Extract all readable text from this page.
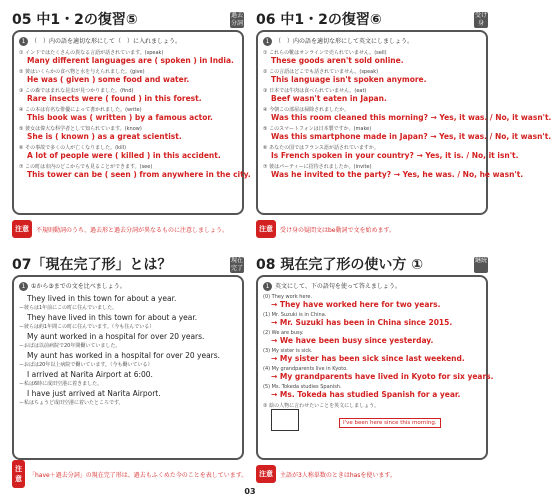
05 中1・2の復習⑤	過去分詞
1 （　）内の語を適切な形にして（　）に入れましょう。
① インドではたくさんの異なる言語が話されています。(speak)
Many different languages are ( spoken ) in India.
② 彼はいくらかの食べ物と水を与えられました。(give)
He was ( given ) some food and water.
③ この森ではまれな昆虫が見つかりました。(find)
Rare insects were ( found ) in this forest.
④ この本は有名な俳優によって書かれました。(write)
This book was ( written ) by a famous actor.
⑤ 彼女は偉大な科学者として知られています。(know)
She is ( known ) as a great scientist.
⑥ その事故で多くの人が亡くなりました。(kill)
A lot of people were ( killed ) in this accident.
⑦ この町は市内のどこからでも見ることができます。(see)
This tower can be ( seen ) from anywhere in the city.
注意	不規則動詞のうち、過去形と過去分詞が異なるものに注意しましょう。
06 中1・2の復習⑥	受け身
1 （　）内の語を適切な形にして英文にしましょう。
① これらの靴はオンラインで売られていません。(sell)
These goods aren't sold online.
② この言語はどこでも話されていません。(speak)
This language isn't spoken anymore.
③ 日本では牛肉は食べられていません。(eat)
Beef wasn't eaten in Japan.
④ 今朝この部屋は掃除されましたか。
Was this room cleaned this morning? → Yes, it was. / No, it wasn't.
⑤ このスマートフォンは日本製ですか。(make)
Was this smartphone made in Japan? → Yes, it was. / No, it wasn't.
⑥ あなたの国ではフランス語が話されていますか。
Is French spoken in your country? → Yes, it is. / No, it isn't.
⑦ 彼はパーティーに招待されましたか。(invite)
Was he invited to the party? → Yes, he was. / No, he wasn't.
注意	受け身の疑問文はbe動詞で文を始めます。
07「現在完了形」とは？	現在完了
1 ①から③までの文を比べましょう。
They lived in this town for about a year.
ー彼らは1年前にこの町に住んでいました。
They have lived in this town for about a year.
ー彼らは約1年間この町に住んでいます。（今も住んでいる）
My aunt worked in a hospital for over 20 years.
ーおばは以前病院で20年間働いていました。
My aunt has worked in a hospital for over 20 years.
ーおばは20年以上病院で働いています。（今も働いている）
I arrived at Narita Airport at 6:00.
ー私は6時に成田空港に着きました。
I have just arrived at Narita Airport.
ー私はちょうど成田空港に着いたところです。
注意	「have＋過去分詞」の現在完了形は、過去もふくめた今のことを表しています。
08 現在完了形の使い方 ①	継続
1 英文にして、下の語句を使って答えましょう。
(0) They work here.
→ They have worked here for two years.
(1) Mr. Suzuki is in China.
→ Mr. Suzuki has been in China since 2015.
(2) We are busy.
→ We have been busy since yesterday.
(3) My sister is sick.
→ My sister has been sick since last weekend.
(4) My grandparents live in Kyoto.
→ My grandparents have lived in Kyoto for six years.
(5) Ms. Tokeda studies Spanish.
→ Ms. Tokeda has studied Spanish for a year.
② 絵の人物に言わせたいことを英文にしましょう。
I've been here since this morning.
注意	主語が3人称単数のときはhasを使います。
03
